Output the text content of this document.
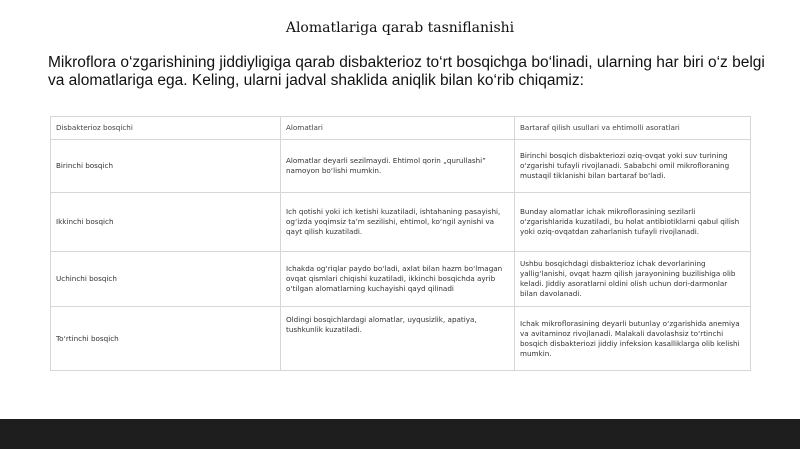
Alomatlariga qarab tasniflanishi
Mikroflora o‘zgarishining jiddiyligiga qarab disbakterioz to‘rt bosqichga bo‘linadi, ularning har biri o‘z belgi va alomatlariga ega. Keling, ularni jadval shaklida aniqlik bilan ko‘rib chiqamiz:
Disbakterioz bosqichi	Alomatlari	Bartaraf qilish usullari va ehtimolli asoratlari
Birinchi bosqich	Alomatlar deyarli sezilmaydi. Ehtimol qorin „qurullashi” namoyon bo‘lishi mumkin.	Birinchi bosqich disbakteriozi oziq-ovqat yoki suv turining o‘zgarishi tufayli rivojlanadi. Sababchi omil mikrofloraning mustaqil tiklanishi bilan bartaraf bo‘ladi.
Ikkinchi bosqich	Ich qotishi yoki ich ketishi kuzatiladi, ishtahaning pasayishi, og‘izda yoqimsiz ta’m sezilishi, ehtimol, ko‘ngil aynishi va qayt qilish kuzatiladi.	Bunday alomatlar ichak mikroflorasining sezilarli o‘zgarishlarida kuzatiladi, bu holat antibiotiklarni qabul qilish yoki oziq-ovqatdan zaharlanish tufayli rivojlanadi.
Uchinchi bosqich	Ichakda og‘riqlar paydo bo‘ladi, axlat bilan hazm bo‘lmagan ovqat qismlari chiqishi kuzatiladi, ikkinchi bosqichda ayrib o‘tilgan alomatlarning kuchayishi qayd qilinadi	Ushbu bosqichdagi disbakterioz ichak devorlarining yallig‘lanishi, ovqat hazm qilish jarayonining buzilishiga olib keladi. Jiddiy asoratlarni oldini olish uchun dori-darmonlar bilan davolanadi.
To‘rtinchi bosqich	Oldingi bosqichlardagi alomatlar, uyqusizlik, apatiya, tushkunlik kuzatiladi.	Ichak mikroflorasining deyarli butunlay o‘zgarishida anemiya va avitaminoz rivojlanadi. Malakali davolashsiz to‘rtinchi bosqich disbakteriozi jiddiy infeksion kasalliklarga olib kelishi mumkin.
